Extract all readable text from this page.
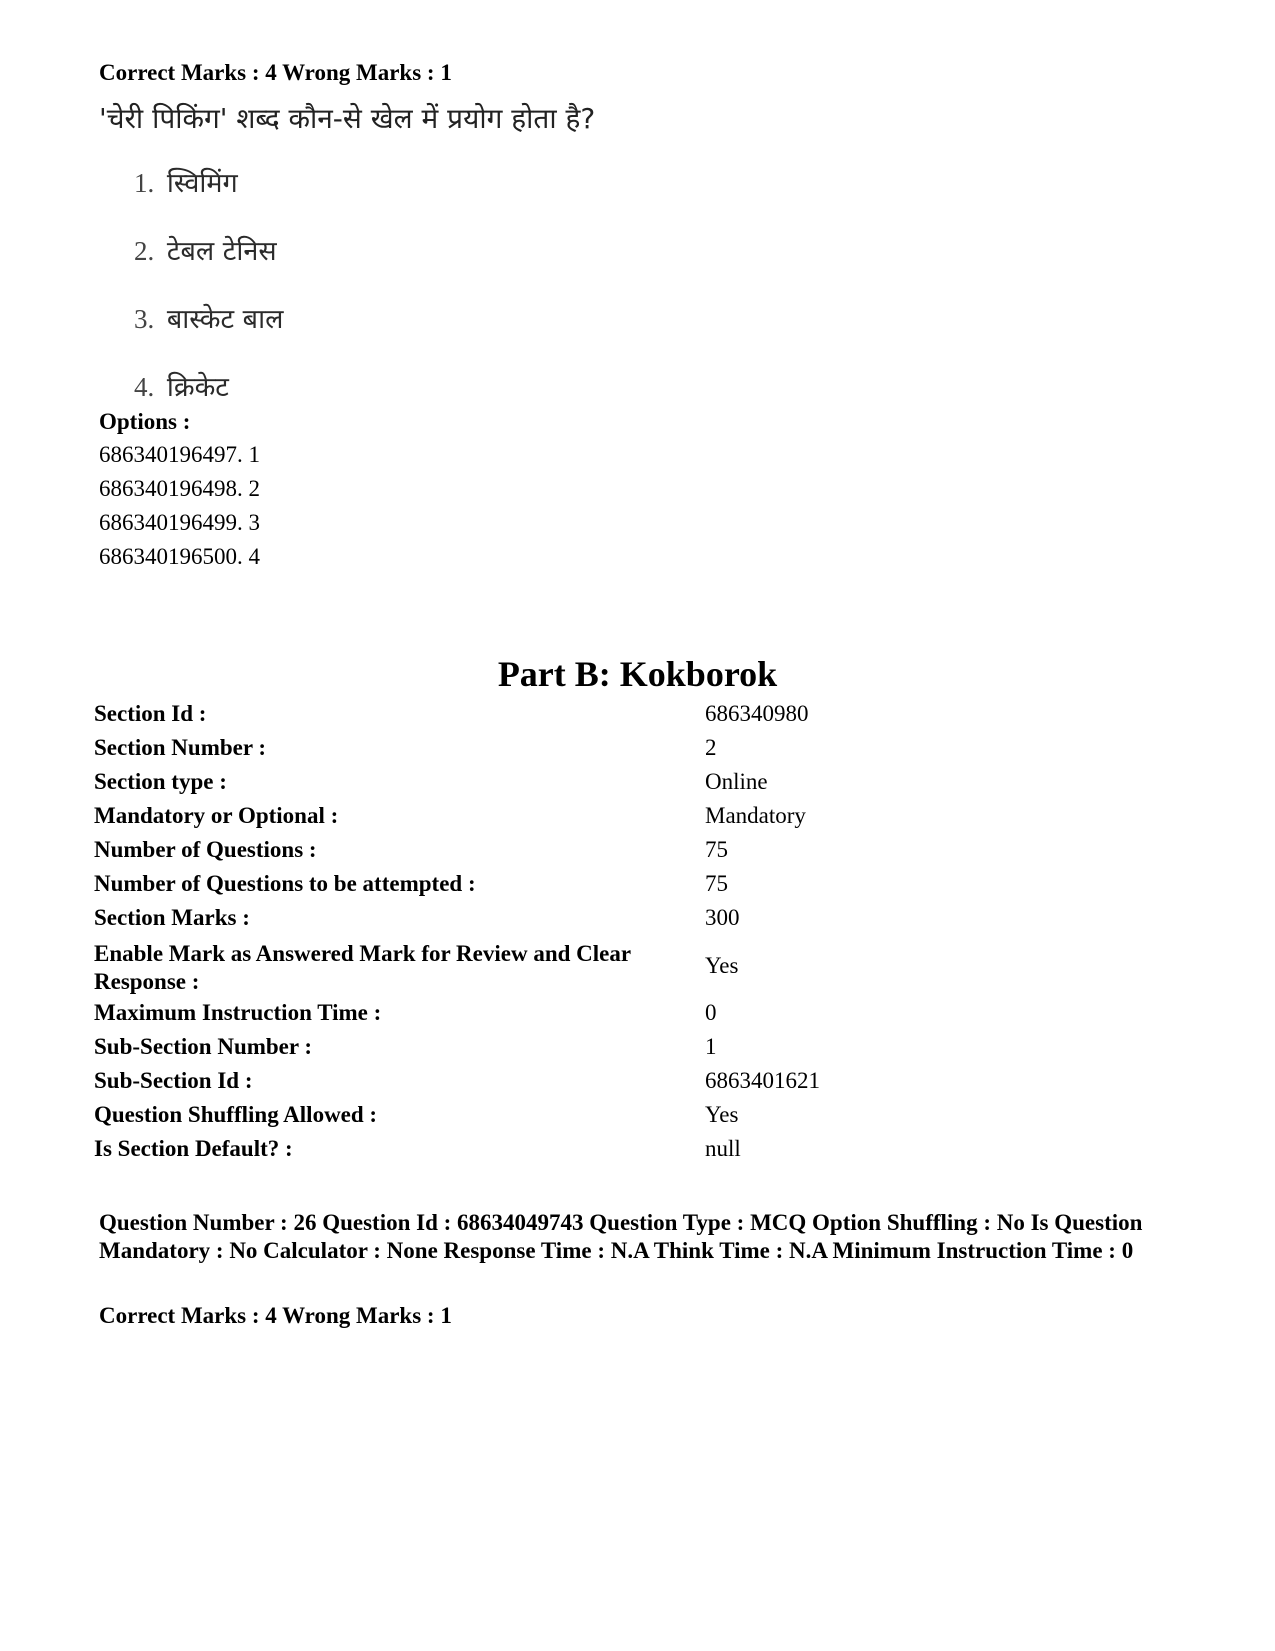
Correct Marks : 4 Wrong Marks : 1
'चेरी पिकिंग' शब्द कौन-से खेल में प्रयोग होता है?
1. स्विमिंग
2. टेबल टेनिस
3. बास्केट बाल
4. क्रिकेट
Options :
686340196497. 1
686340196498. 2
686340196499. 3
686340196500. 4
Part B: Kokborok
Section Id :	686340980
Section Number :	2
Section type :	Online
Mandatory or Optional :	Mandatory
Number of Questions :	75
Number of Questions to be attempted :	75
Section Marks :	300
Enable Mark as Answered Mark for Review and Clear Response :
Yes
Maximum Instruction Time :	0
Sub-Section Number :	1
Sub-Section Id :	6863401621
Question Shuffling Allowed :	Yes
Is Section Default? :	null
Question Number : 26 Question Id : 68634049743 Question Type : MCQ Option Shuffling : No Is Question Mandatory : No Calculator : None Response Time : N.A Think Time : N.A Minimum Instruction Time : 0
Correct Marks : 4 Wrong Marks : 1
